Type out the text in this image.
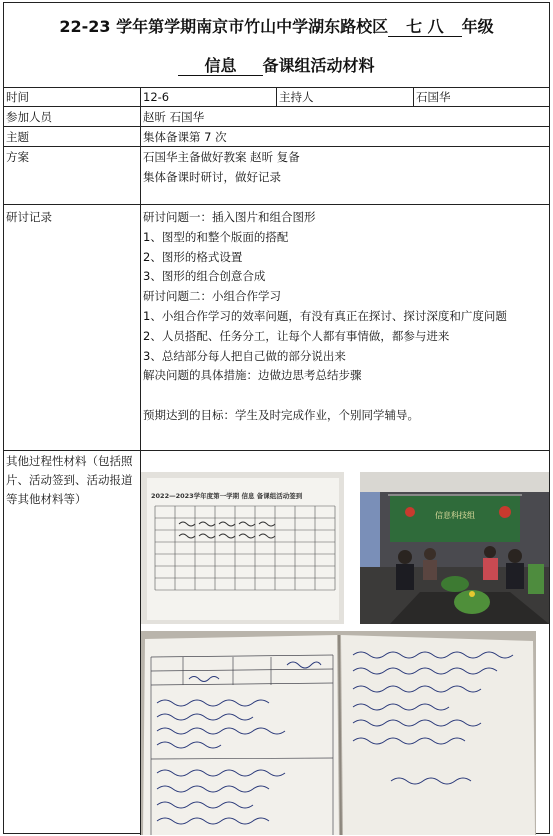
22-23 学年第学期南京市竹山中学湖东路校区 七 八 年级
信息 备课组活动材料
时间	12-6	主持人	石国华
参加人员	赵昕 石国华
主题	集体备课第 7 次
方案	石国华主备做好教案 赵昕 复备
集体备课时研讨，做好记录
研讨记录	研讨问题一：插入图片和组合图形
1、图型的和整个版面的搭配
2、图形的格式设置
3、图形的组合创意合成
研讨问题二：小组合作学习
1、小组合作学习的效率问题，有没有真正在探讨、探讨深度和广度问题
2、人员搭配、任务分工，让每个人都有事情做，都参与进来
3、总结部分每人把自己做的部分说出来
解决问题的具体措施：边做边思考总结步骤
预期达到的目标：学生及时完成作业，个别同学辅导。
其他过程性材料（包括照片、活动签到、活动报道等其他材料等）	2022—2023学年度第一学期 信息 备课组活动签到
信息科技组
